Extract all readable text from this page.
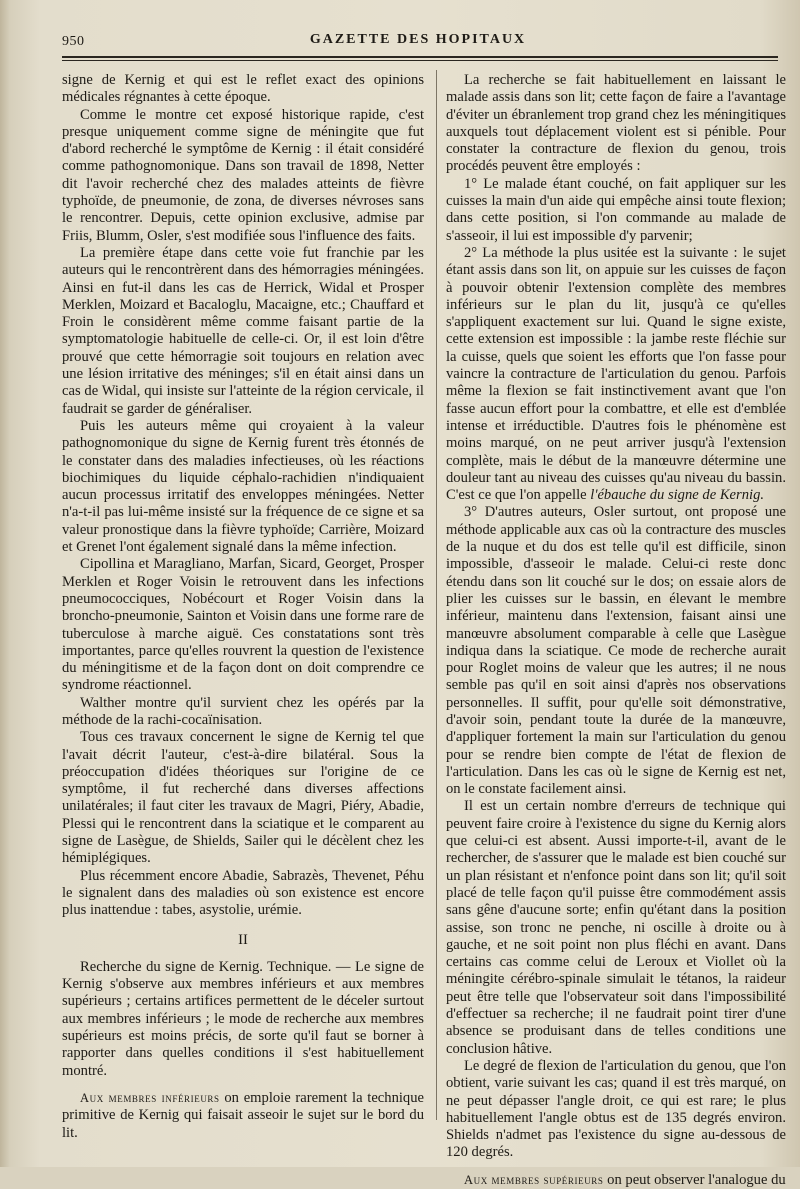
950	GAZETTE DES HOPITAUX

signe de Kernig et qui est le reflet exact des opinions médicales régnantes à cette époque.

Comme le montre cet exposé historique rapide, c'est presque uniquement comme signe de méningite que fut d'abord recherché le symptôme de Kernig : il était considéré comme pathognomonique. Dans son travail de 1898, Netter dit l'avoir recherché chez des malades atteints de fièvre typhoïde, de pneumonie, de zona, de diverses névroses sans le rencontrer. Depuis, cette opinion exclusive, admise par Friis, Blumm, Osler, s'est modifiée sous l'influence des faits.

La première étape dans cette voie fut franchie par les auteurs qui le rencontrèrent dans des hémorragies méningées. Ainsi en fut-il dans les cas de Herrick, Widal et Prosper Merklen, Moizard et Bacaloglu, Macaigne, etc.; Chauffard et Froin le considèrent même comme faisant partie de la symptomatologie habituelle de celle-ci. Or, il est loin d'être prouvé que cette hémorragie soit toujours en relation avec une lésion irritative des méninges; s'il en était ainsi dans un cas de Widal, qui insiste sur l'atteinte de la région cervicale, il faudrait se garder de généraliser.

Puis les auteurs même qui croyaient à la valeur pathognomonique du signe de Kernig furent très étonnés de le constater dans des maladies infectieuses, où les réactions biochimiques du liquide céphalo-rachidien n'indiquaient aucun processus irritatif des enveloppes méningées. Netter n'a-t-il pas lui-même insisté sur la fréquence de ce signe et sa valeur pronostique dans la fièvre typhoïde; Carrière, Moizard et Grenet l'ont également signalé dans la même infection.

Cipollina et Maragliano, Marfan, Sicard, Georget, Prosper Merklen et Roger Voisin le retrouvent dans les infections pneumococciques, Nobécourt et Roger Voisin dans la broncho-pneumonie, Sainton et Voisin dans une forme rare de tuberculose à marche aiguë. Ces constatations sont très importantes, parce qu'elles rouvrent la question de l'existence du méningitisme et de la façon dont on doit comprendre ce syndrome réactionnel.

Walther montre qu'il survient chez les opérés par la méthode de la rachi-cocaïnisation.

Tous ces travaux concernent le signe de Kernig tel que l'avait décrit l'auteur, c'est-à-dire bilatéral. Sous la préoccupation d'idées théoriques sur l'origine de ce symptôme, il fut recherché dans diverses affections unilatérales; il faut citer les travaux de Magri, Piéry, Abadie, Plessi qui le rencontrent dans la sciatique et le comparent au signe de Lasègue, de Shields, Sailer qui le décèlent chez les hémiplégiques.

Plus récemment encore Abadie, Sabrazès, Thevenet, Péhu le signalent dans des maladies où son existence est encore plus inattendue : tabes, asystolie, urémie.

II

Recherche du signe de Kernig. Technique. — Le signe de Kernig s'observe aux membres inférieurs et aux membres supérieurs ; certains artifices permettent de le déceler surtout aux membres inférieurs ; le mode de recherche aux membres supérieurs est moins précis, de sorte qu'il faut se borner à rapporter dans quelles conditions il s'est habituellement montré.

Aux membres inférieurs on emploie rarement la technique primitive de Kernig qui faisait asseoir le sujet sur le bord du lit.

La recherche se fait habituellement en laissant le malade assis dans son lit; cette façon de faire a l'avantage d'éviter un ébranlement trop grand chez les méningitiques auxquels tout déplacement violent est si pénible. Pour constater la contracture de flexion du genou, trois procédés peuvent être employés :

1° Le malade étant couché, on fait appliquer sur les cuisses la main d'un aide qui empêche ainsi toute flexion; dans cette position, si l'on commande au malade de s'asseoir, il lui est impossible d'y parvenir;

2° La méthode la plus usitée est la suivante : le sujet étant assis dans son lit, on appuie sur les cuisses de façon à pouvoir obtenir l'extension complète des membres inférieurs sur le plan du lit, jusqu'à ce qu'elles s'appliquent exactement sur lui. Quand le signe existe, cette extension est impossible : la jambe reste fléchie sur la cuisse, quels que soient les efforts que l'on fasse pour vaincre la contracture de l'articulation du genou. Parfois même la flexion se fait instinctivement avant que l'on fasse aucun effort pour la combattre, et elle est d'emblée intense et irréductible. D'autres fois le phénomène est moins marqué, on ne peut arriver jusqu'à l'extension complète, mais le début de la manœuvre détermine une douleur tant au niveau des cuisses qu'au niveau du bassin. C'est ce que l'on appelle l'ébauche du signe de Kernig.

3° D'autres auteurs, Osler surtout, ont proposé une méthode applicable aux cas où la contracture des muscles de la nuque et du dos est telle qu'il est difficile, sinon impossible, d'asseoir le malade. Celui-ci reste donc étendu dans son lit couché sur le dos; on essaie alors de plier les cuisses sur le bassin, en élevant le membre inférieur, maintenu dans l'extension, faisant ainsi une manœuvre absolument comparable à celle que Lasègue indiqua dans la sciatique. Ce mode de recherche aurait pour Roglet moins de valeur que les autres; il ne nous semble pas qu'il en soit ainsi d'après nos observations personnelles. Il suffit, pour qu'elle soit démonstrative, d'avoir soin, pendant toute la durée de la manœuvre, d'appliquer fortement la main sur l'articulation du genou pour se rendre bien compte de l'état de flexion de l'articulation. Dans les cas où le signe de Kernig est net, on le constate facilement ainsi.

Il est un certain nombre d'erreurs de technique qui peuvent faire croire à l'existence du signe du Kernig alors que celui-ci est absent. Aussi importe-t-il, avant de le rechercher, de s'assurer que le malade est bien couché sur un plan résistant et n'enfonce point dans son lit; qu'il soit placé de telle façon qu'il puisse être commodément assis sans gêne d'aucune sorte; enfin qu'étant dans la position assise, son tronc ne penche, ni oscille à droite ou à gauche, et ne soit point non plus fléchi en avant. Dans certains cas comme celui de Leroux et Viollet où la méningite cérébro-spinale simulait le tétanos, la raideur peut être telle que l'observateur soit dans l'impossibilité d'effectuer sa recherche; il ne faudrait point tirer d'une absence se produisant dans de telles conditions une conclusion hâtive.

Le degré de flexion de l'articulation du genou, que l'on obtient, varie suivant les cas; quand il est très marqué, on ne peut dépasser l'angle droit, ce qui est rare; le plus habituellement l'angle obtus est de 135 degrés environ. Shields n'admet pas l'existence du signe au-dessous de 120 degrés.

Aux membres supérieurs on peut observer l'analogue du
